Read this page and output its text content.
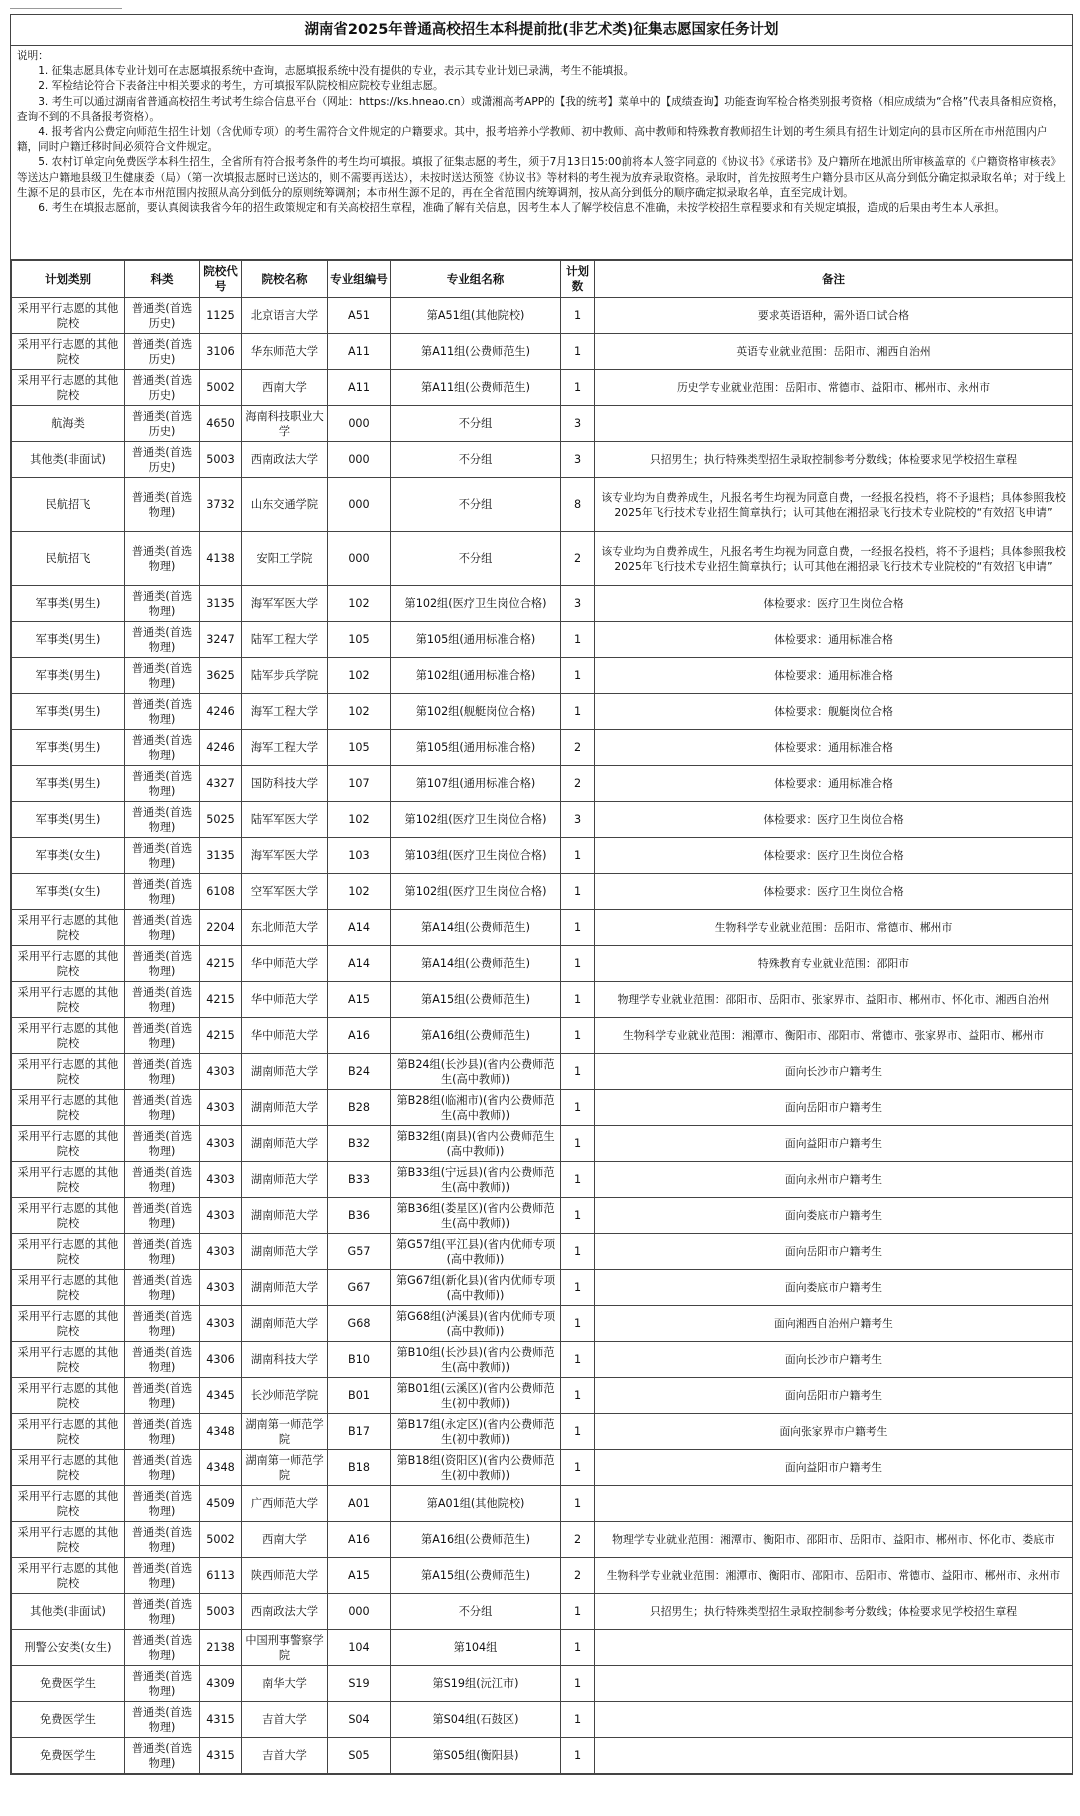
湖南省2025年普通高校招生本科提前批(非艺术类)征集志愿国家任务计划

说明：

1. 征集志愿具体专业计划可在志愿填报系统中查询，志愿填报系统中没有提供的专业，表示其专业计划已录满，考生不能填报。

2. 军检结论符合下表备注中相关要求的考生，方可填报军队院校相应院校专业组志愿。

3. 考生可以通过湖南省普通高校招生考试考生综合信息平台（网址：https://ks.hneao.cn）或潇湘高考APP的【我的统考】菜单中的【成绩查询】功能查询军检合格类别报考资格（相应成绩为“合格”代表具备相应资格，查询不到的不具备报考资格）。

4. 报考省内公费定向师范生招生计划（含优师专项）的考生需符合文件规定的户籍要求。其中，报考培养小学教师、初中教师、高中教师和特殊教育教师招生计划的考生须具有招生计划定向的县市区所在市州范围内户籍，同时户籍迁移时间必须符合文件规定。

5. 农村订单定向免费医学本科生招生，全省所有符合报考条件的考生均可填报。填报了征集志愿的考生，须于7月13日15:00前将本人签字同意的《协议书》《承诺书》及户籍所在地派出所审核盖章的《户籍资格审核表》等送达户籍地县级卫生健康委（局）（第一次填报志愿时已送达的，则不需要再送达），未按时送达预签《协议书》等材料的考生视为放弃录取资格。录取时，首先按照考生户籍分县市区从高分到低分确定拟录取名单；对于线上生源不足的县市区，先在本市州范围内按照从高分到低分的原则统筹调剂；本市州生源不足的，再在全省范围内统筹调剂，按从高分到低分的顺序确定拟录取名单，直至完成计划。

6. 考生在填报志愿前，要认真阅读我省今年的招生政策规定和有关高校招生章程，准确了解有关信息，因考生本人了解学校信息不准确，未按学校招生章程要求和有关规定填报，造成的后果由考生本人承担。

计划类别	科类	院校代号	院校名称	专业组编号	专业组名称	计划数	备注
采用平行志愿的其他院校	普通类(首选历史)	1125	北京语言大学	A51	第A51组(其他院校)	1	要求英语语种，需外语口试合格
采用平行志愿的其他院校	普通类(首选历史)	3106	华东师范大学	A11	第A11组(公费师范生)	1	英语专业就业范围：岳阳市、湘西自治州
采用平行志愿的其他院校	普通类(首选历史)	5002	西南大学	A11	第A11组(公费师范生)	1	历史学专业就业范围：岳阳市、常德市、益阳市、郴州市、永州市
航海类	普通类(首选历史)	4650	海南科技职业大学	000	不分组	3	
其他类(非面试)	普通类(首选历史)	5003	西南政法大学	000	不分组	3	只招男生；执行特殊类型招生录取控制参考分数线；体检要求见学校招生章程
民航招飞	普通类(首选物理)	3732	山东交通学院	000	不分组	8	该专业均为自费养成生，凡报名考生均视为同意自费，一经报名投档，将不予退档；具体参照我校2025年飞行技术专业招生简章执行；认可其他在湘招录飞行技术专业院校的“有效招飞申请”
民航招飞	普通类(首选物理)	4138	安阳工学院	000	不分组	2	该专业均为自费养成生，凡报名考生均视为同意自费，一经报名投档，将不予退档；具体参照我校2025年飞行技术专业招生简章执行；认可其他在湘招录飞行技术专业院校的“有效招飞申请”
军事类(男生)	普通类(首选物理)	3135	海军军医大学	102	第102组(医疗卫生岗位合格)	3	体检要求：医疗卫生岗位合格
军事类(男生)	普通类(首选物理)	3247	陆军工程大学	105	第105组(通用标准合格)	1	体检要求：通用标准合格
军事类(男生)	普通类(首选物理)	3625	陆军步兵学院	102	第102组(通用标准合格)	1	体检要求：通用标准合格
军事类(男生)	普通类(首选物理)	4246	海军工程大学	102	第102组(舰艇岗位合格)	1	体检要求：舰艇岗位合格
军事类(男生)	普通类(首选物理)	4246	海军工程大学	105	第105组(通用标准合格)	2	体检要求：通用标准合格
军事类(男生)	普通类(首选物理)	4327	国防科技大学	107	第107组(通用标准合格)	2	体检要求：通用标准合格
军事类(男生)	普通类(首选物理)	5025	陆军军医大学	102	第102组(医疗卫生岗位合格)	3	体检要求：医疗卫生岗位合格
军事类(女生)	普通类(首选物理)	3135	海军军医大学	103	第103组(医疗卫生岗位合格)	1	体检要求：医疗卫生岗位合格
军事类(女生)	普通类(首选物理)	6108	空军军医大学	102	第102组(医疗卫生岗位合格)	1	体检要求：医疗卫生岗位合格
采用平行志愿的其他院校	普通类(首选物理)	2204	东北师范大学	A14	第A14组(公费师范生)	1	生物科学专业就业范围：岳阳市、常德市、郴州市
采用平行志愿的其他院校	普通类(首选物理)	4215	华中师范大学	A14	第A14组(公费师范生)	1	特殊教育专业就业范围：邵阳市
采用平行志愿的其他院校	普通类(首选物理)	4215	华中师范大学	A15	第A15组(公费师范生)	1	物理学专业就业范围：邵阳市、岳阳市、张家界市、益阳市、郴州市、怀化市、湘西自治州
采用平行志愿的其他院校	普通类(首选物理)	4215	华中师范大学	A16	第A16组(公费师范生)	1	生物科学专业就业范围：湘潭市、衡阳市、邵阳市、常德市、张家界市、益阳市、郴州市
采用平行志愿的其他院校	普通类(首选物理)	4303	湖南师范大学	B24	第B24组(长沙县)(省内公费师范生(高中教师))	1	面向长沙市户籍考生
采用平行志愿的其他院校	普通类(首选物理)	4303	湖南师范大学	B28	第B28组(临湘市)(省内公费师范生(高中教师))	1	面向岳阳市户籍考生
采用平行志愿的其他院校	普通类(首选物理)	4303	湖南师范大学	B32	第B32组(南县)(省内公费师范生(高中教师))	1	面向益阳市户籍考生
采用平行志愿的其他院校	普通类(首选物理)	4303	湖南师范大学	B33	第B33组(宁远县)(省内公费师范生(高中教师))	1	面向永州市户籍考生
采用平行志愿的其他院校	普通类(首选物理)	4303	湖南师范大学	B36	第B36组(娄星区)(省内公费师范生(高中教师))	1	面向娄底市户籍考生
采用平行志愿的其他院校	普通类(首选物理)	4303	湖南师范大学	G57	第G57组(平江县)(省内优师专项(高中教师))	1	面向岳阳市户籍考生
采用平行志愿的其他院校	普通类(首选物理)	4303	湖南师范大学	G67	第G67组(新化县)(省内优师专项(高中教师))	1	面向娄底市户籍考生
采用平行志愿的其他院校	普通类(首选物理)	4303	湖南师范大学	G68	第G68组(泸溪县)(省内优师专项(高中教师))	1	面向湘西自治州户籍考生
采用平行志愿的其他院校	普通类(首选物理)	4306	湖南科技大学	B10	第B10组(长沙县)(省内公费师范生(高中教师))	1	面向长沙市户籍考生
采用平行志愿的其他院校	普通类(首选物理)	4345	长沙师范学院	B01	第B01组(云溪区)(省内公费师范生(初中教师))	1	面向岳阳市户籍考生
采用平行志愿的其他院校	普通类(首选物理)	4348	湖南第一师范学院	B17	第B17组(永定区)(省内公费师范生(初中教师))	1	面向张家界市户籍考生
采用平行志愿的其他院校	普通类(首选物理)	4348	湖南第一师范学院	B18	第B18组(资阳区)(省内公费师范生(初中教师))	1	面向益阳市户籍考生
采用平行志愿的其他院校	普通类(首选物理)	4509	广西师范大学	A01	第A01组(其他院校)	1	
采用平行志愿的其他院校	普通类(首选物理)	5002	西南大学	A16	第A16组(公费师范生)	2	物理学专业就业范围：湘潭市、衡阳市、邵阳市、岳阳市、益阳市、郴州市、怀化市、娄底市
采用平行志愿的其他院校	普通类(首选物理)	6113	陕西师范大学	A15	第A15组(公费师范生)	2	生物科学专业就业范围：湘潭市、衡阳市、邵阳市、岳阳市、常德市、益阳市、郴州市、永州市
其他类(非面试)	普通类(首选物理)	5003	西南政法大学	000	不分组	1	只招男生；执行特殊类型招生录取控制参考分数线；体检要求见学校招生章程
刑警公安类(女生)	普通类(首选物理)	2138	中国刑事警察学院	104	第104组	1	
免费医学生	普通类(首选物理)	4309	南华大学	S19	第S19组(沅江市)	1	
免费医学生	普通类(首选物理)	4315	吉首大学	S04	第S04组(石鼓区)	1	
免费医学生	普通类(首选物理)	4315	吉首大学	S05	第S05组(衡阳县)	1	
